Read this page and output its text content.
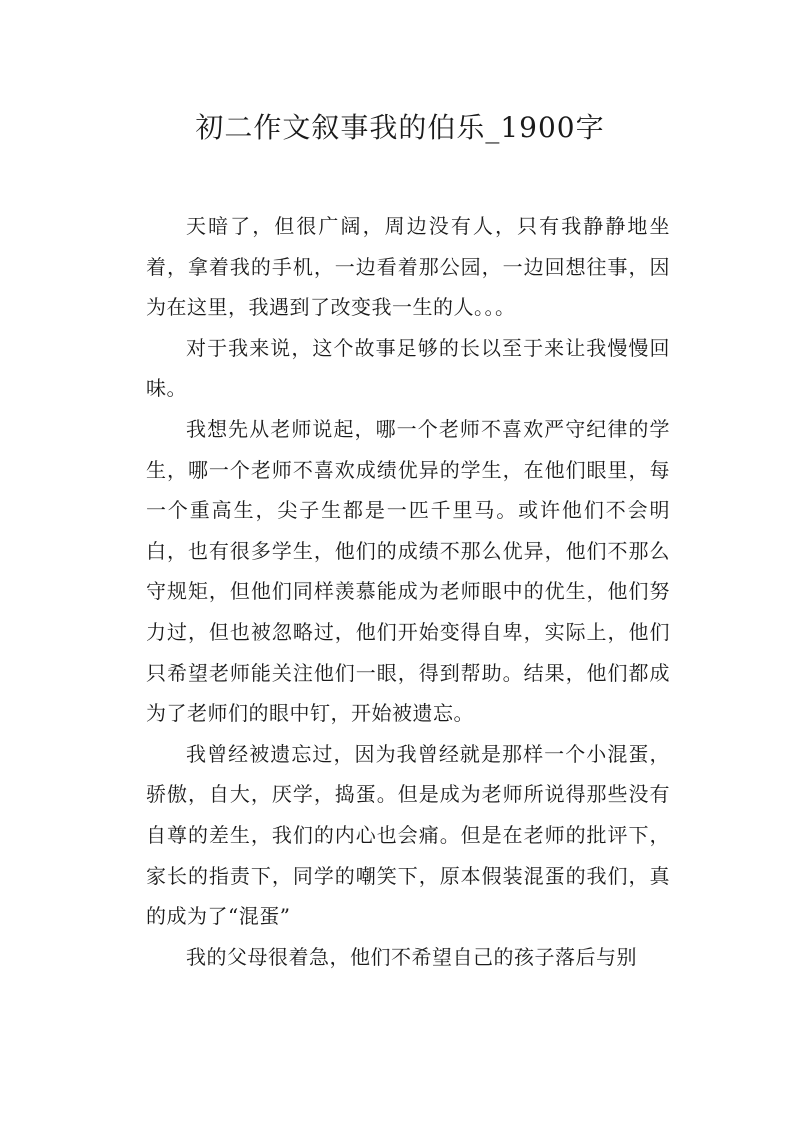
初二作文叙事我的伯乐_1900字

天暗了，但很广阔，周边没有人，只有我静静地坐着，拿着我的手机，一边看着那公园，一边回想往事，因为在这里，我遇到了改变我一生的人。。。

对于我来说，这个故事足够的长以至于来让我慢慢回味。

我想先从老师说起，哪一个老师不喜欢严守纪律的学生，哪一个老师不喜欢成绩优异的学生，在他们眼里，每一个重高生，尖子生都是一匹千里马。或许他们不会明白，也有很多学生，他们的成绩不那么优异，他们不那么守规矩，但他们同样羡慕能成为老师眼中的优生，他们努力过，但也被忽略过，他们开始变得自卑，实际上，他们只希望老师能关注他们一眼，得到帮助。结果，他们都成为了老师们的眼中钉，开始被遗忘。

我曾经被遗忘过，因为我曾经就是那样一个小混蛋，骄傲，自大，厌学，捣蛋。但是成为老师所说得那些没有自尊的差生，我们的内心也会痛。但是在老师的批评下，家长的指责下，同学的嘲笑下，原本假装混蛋的我们，真的成为了“混蛋”

我的父母很着急，他们不希望自己的孩子落后与别
